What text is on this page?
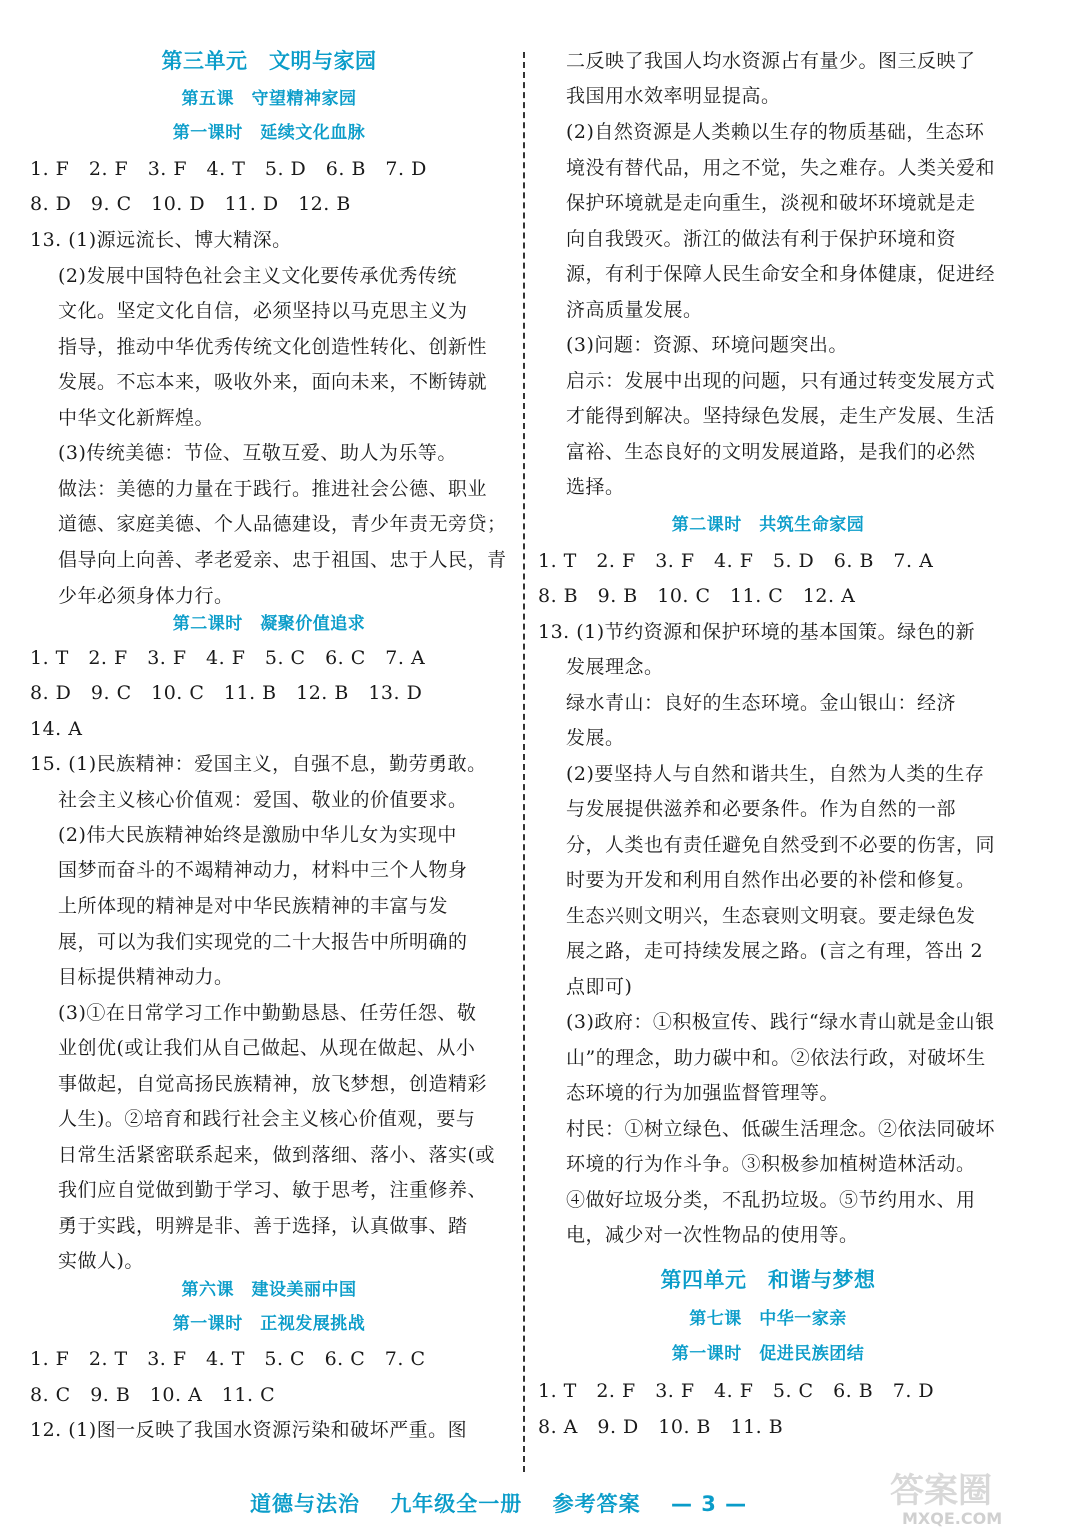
第三单元　文明与家园
第五课　守望精神家园
第一课时　延续文化血脉
1. F　2. F　3. F　4. T　5. D　6. B　7. D
8. D　9. C　10. D　11. D　12. B
13. (1)源远流长、博大精深。
(2)发展中国特色社会主义文化要传承优秀传统
文化。坚定文化自信，必须坚持以马克思主义为
指导，推动中华优秀传统文化创造性转化、创新性
发展。不忘本来，吸收外来，面向未来，不断铸就
中华文化新辉煌。
(3)传统美德：节俭、互敬互爱、助人为乐等。
做法：美德的力量在于践行。推进社会公德、职业
道德、家庭美德、个人品德建设，青少年责无旁贷；
倡导向上向善、孝老爱亲、忠于祖国、忠于人民，青
少年必须身体力行。
第二课时　凝聚价值追求
1. T　2. F　3. F　4. F　5. C　6. C　7. A
8. D　9. C　10. C　11. B　12. B　13. D
14. A
15. (1)民族精神：爱国主义，自强不息，勤劳勇敢。
社会主义核心价值观：爱国、敬业的价值要求。
(2)伟大民族精神始终是激励中华儿女为实现中
国梦而奋斗的不竭精神动力，材料中三个人物身
上所体现的精神是对中华民族精神的丰富与发
展，可以为我们实现党的二十大报告中所明确的
目标提供精神动力。
(3)①在日常学习工作中勤勤恳恳、任劳任怨、敬
业创优(或让我们从自己做起、从现在做起、从小
事做起，自觉高扬民族精神，放飞梦想，创造精彩
人生)。②培育和践行社会主义核心价值观，要与
日常生活紧密联系起来，做到落细、落小、落实(或
我们应自觉做到勤于学习、敏于思考，注重修养、
勇于实践，明辨是非、善于选择，认真做事、踏
实做人)。
第六课　建设美丽中国
第一课时　正视发展挑战
1. F　2. T　3. F　4. T　5. C　6. C　7. C
8. C　9. B　10. A　11. C
12. (1)图一反映了我国水资源污染和破坏严重。图
二反映了我国人均水资源占有量少。图三反映了
我国用水效率明显提高。
(2)自然资源是人类赖以生存的物质基础，生态环
境没有替代品，用之不觉，失之难存。人类关爱和
保护环境就是走向重生，淡视和破坏环境就是走
向自我毁灭。浙江的做法有利于保护环境和资
源，有利于保障人民生命安全和身体健康，促进经
济高质量发展。
(3)问题：资源、环境问题突出。
启示：发展中出现的问题，只有通过转变发展方式
才能得到解决。坚持绿色发展，走生产发展、生活
富裕、生态良好的文明发展道路，是我们的必然
选择。
第二课时　共筑生命家园
1. T　2. F　3. F　4. F　5. D　6. B　7. A
8. B　9. B　10. C　11. C　12. A
13. (1)节约资源和保护环境的基本国策。绿色的新
发展理念。
绿水青山：良好的生态环境。金山银山：经济
发展。
(2)要坚持人与自然和谐共生，自然为人类的生存
与发展提供滋养和必要条件。作为自然的一部
分，人类也有责任避免自然受到不必要的伤害，同
时要为开发和利用自然作出必要的补偿和修复。
生态兴则文明兴，生态衰则文明衰。要走绿色发
展之路，走可持续发展之路。(言之有理，答出 2
点即可)
(3)政府：①积极宣传、践行“绿水青山就是金山银
山”的理念，助力碳中和。②依法行政，对破坏生
态环境的行为加强监督管理等。
村民：①树立绿色、低碳生活理念。②依法同破坏
环境的行为作斗争。③积极参加植树造林活动。
④做好垃圾分类，不乱扔垃圾。⑤节约用水、用
电，减少对一次性物品的使用等。
第四单元　和谐与梦想
第七课　中华一家亲
第一课时　促进民族团结
1. T　2. F　3. F　4. F　5. C　6. B　7. D
8. A　9. D　10. B　11. B
道德与法治 九年级全一册 参考答案 — 3 —	答案圈
MXQE.COM
